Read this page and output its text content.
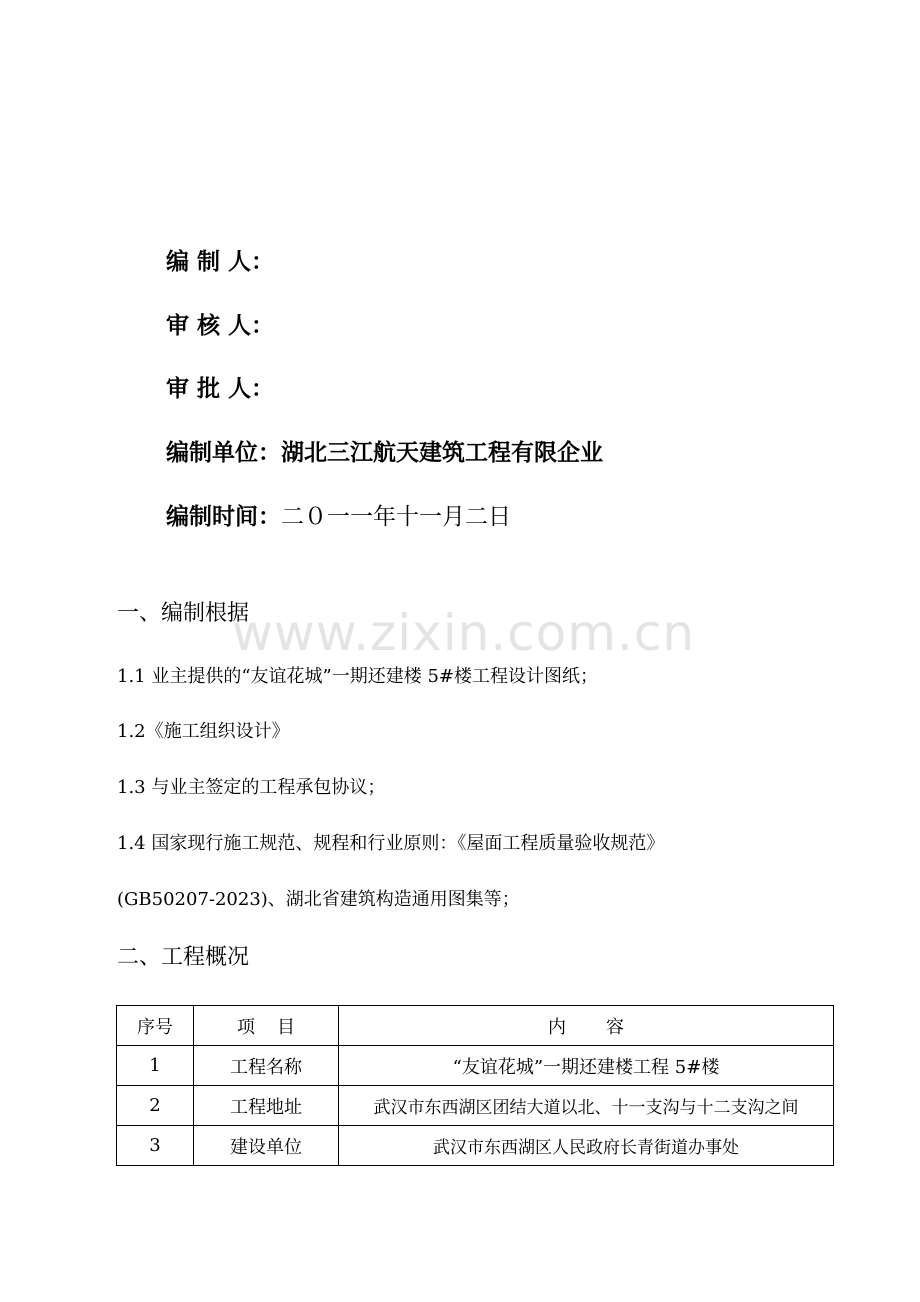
编 制 人：
审 核 人：
审 批 人：
编制单位：湖北三江航天建筑工程有限企业
编制时间：二０一一年十一月二日
www.zixin.com.cn
一、编制根据
1.1 业主提供的“友谊花城”一期还建楼 5#楼工程设计图纸；
1.2《施工组织设计》
1.3 与业主签定的工程承包协议；
1.4 国家现行施工规范、规程和行业原则：《屋面工程质量验收规范》
(GB50207-2023)、湖北省建筑构造通用图集等；
二、工程概况
序号	项目	内容
1	工程名称	“友谊花城”一期还建楼工程 5#楼
2	工程地址	武汉市东西湖区团结大道以北、十一支沟与十二支沟之间
3	建设单位	武汉市东西湖区人民政府长青街道办事处
